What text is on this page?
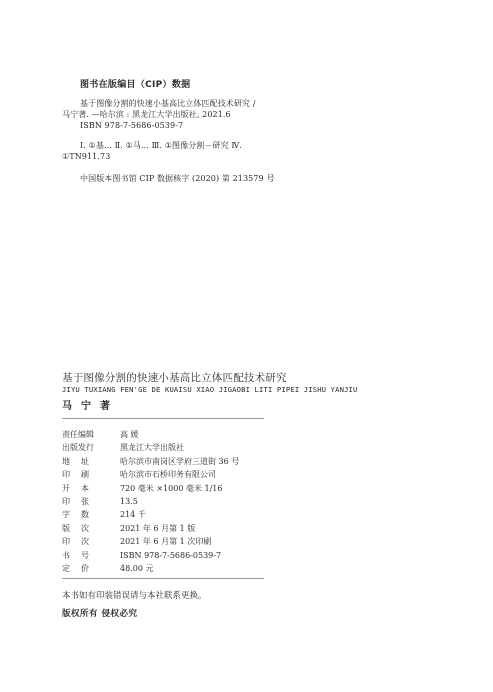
图书在版编目（CIP）数据
基于图像分割的快速小基高比立体匹配技术研究 /
马宁著. —哈尔滨 : 黑龙江大学出版社, 2021.6
ISBN 978-7-5686-0539-7
Ⅰ. ①基… Ⅱ. ①马… Ⅲ. ①图像分割－研究 Ⅳ.
①TN911.73
中国版本图书馆 CIP 数据核字 (2020) 第 213579 号
基于图像分割的快速小基高比立体匹配技术研究
JIYU TUXIANG FEN'GE DE KUAISU XIAO JIGAOBI LITI PIPEI JISHU YANJIU
马宁著
责任编辑	高 媛
出版发行	黑龙江大学出版社
地址	哈尔滨市南岗区学府三道街 36 号
印刷	哈尔滨市石桥印务有限公司
开本	720 毫米 ×1000 毫米 1/16
印张	13.5
字数	214 千
版次	2021 年 6 月第 1 版
印次	2021 年 6 月第 1 次印刷
书号	ISBN 978-7-5686-0539-7
定价	48.00 元
本书如有印装错误请与本社联系更换。
版权所有 侵权必究
